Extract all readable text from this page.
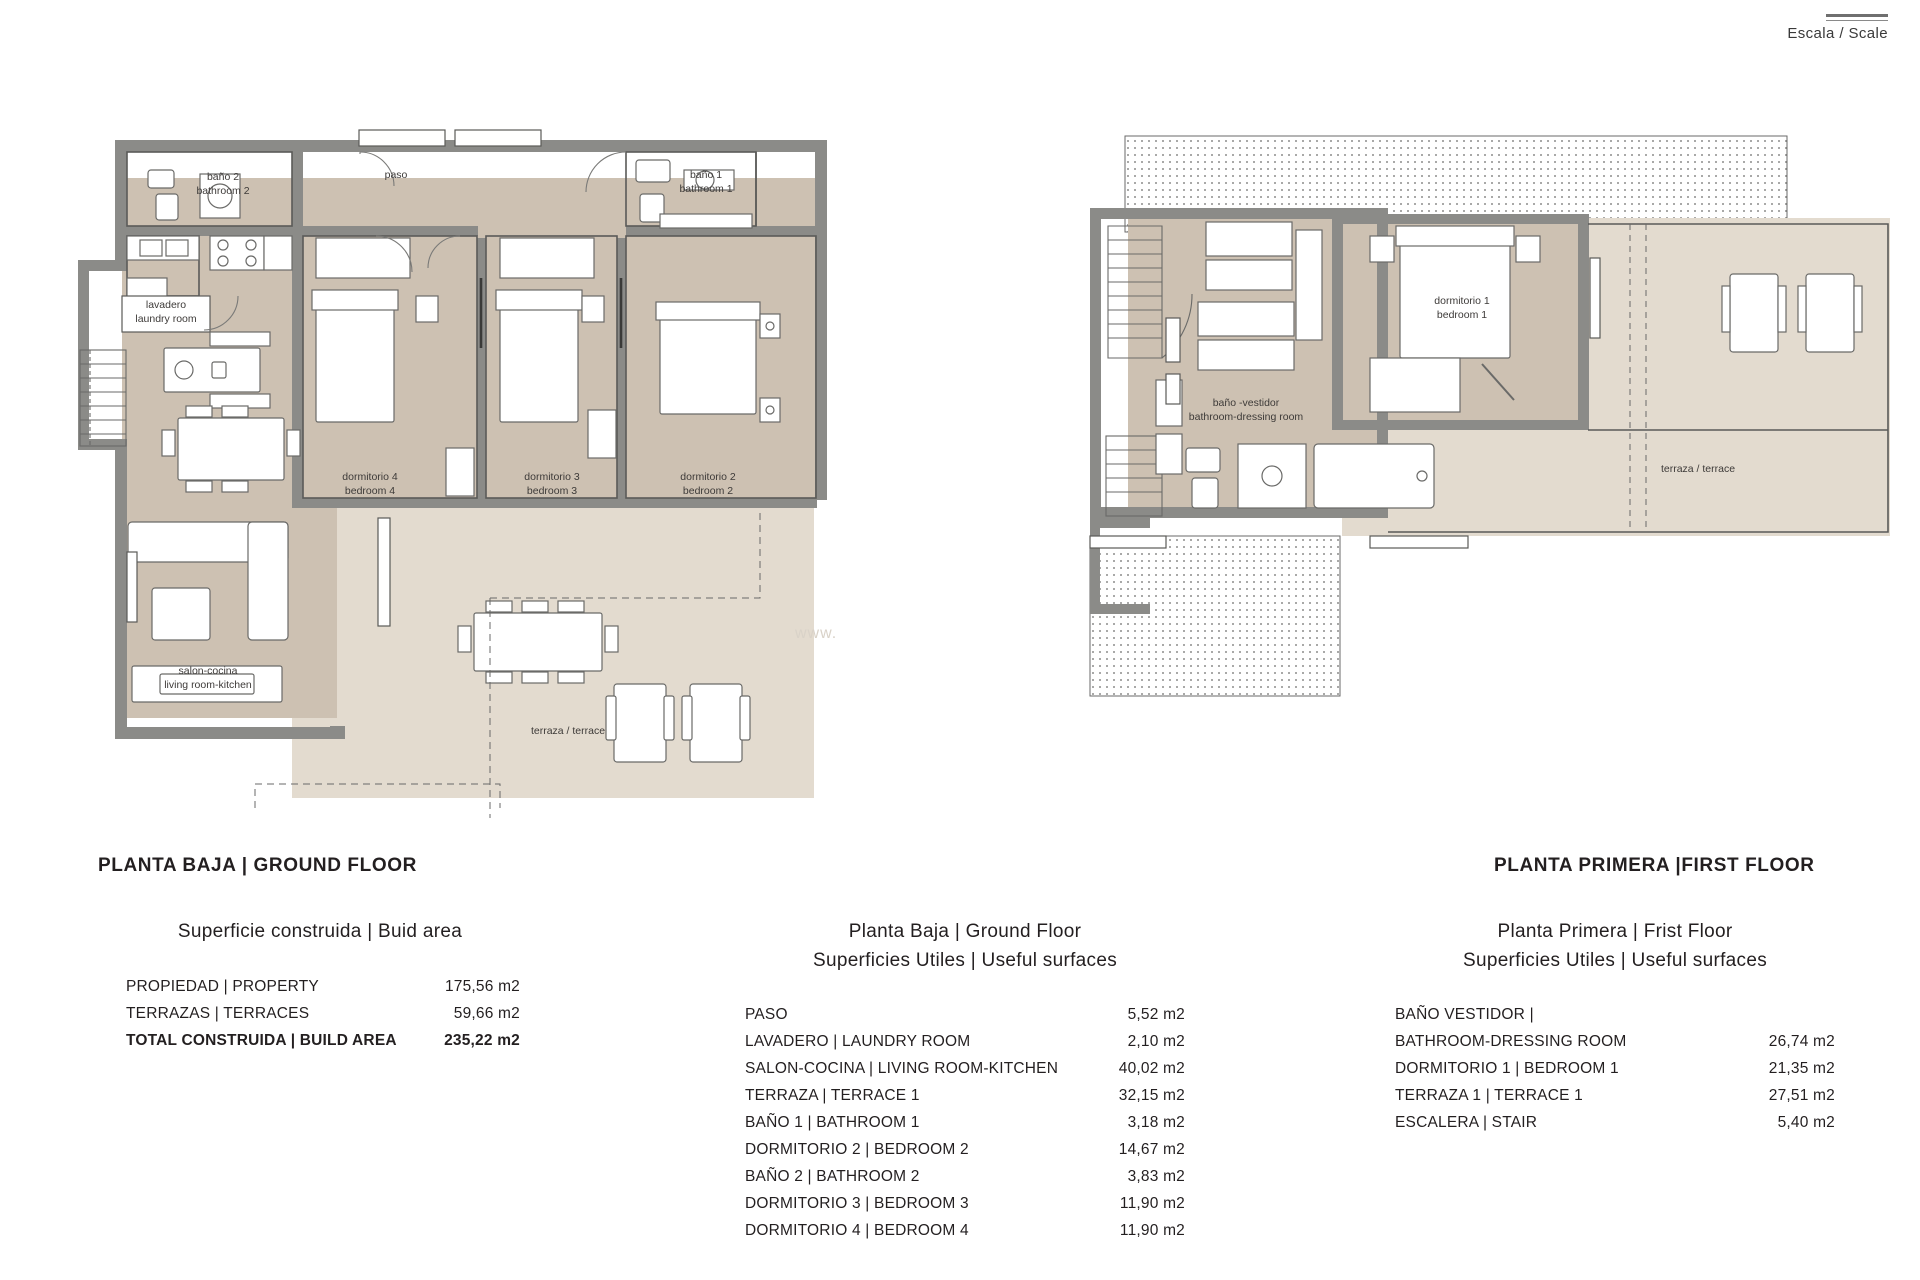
Escala / Scale
baño 2
bathroom 2
paso	baño 1
bathroom 1
lavadero
laundry room
dormitorio 4
bedroom 4
dormitorio 3
bedroom 3
dormitorio 2
bedroom 2
salon-cocina
living room-kitchen
terraza / terrace
PLANTA BAJA | GROUND FLOOR
dormitorio 1
bedroom 1
baño -vestidor
bathroom-dressing room
terraza / terrace
PLANTA PRIMERA |FIRST FLOOR
www.
Superficie construida | Buid area
PROPIEDAD | PROPERTY	175,56 m2
TERRAZAS | TERRACES	59,66 m2
TOTAL CONSTRUIDA | BUILD AREA	235,22 m2
Planta Baja | Ground Floor
Superficies Utiles | Useful surfaces
PASO	5,52 m2
LAVADERO | LAUNDRY ROOM	2,10 m2
SALON-COCINA | LIVING ROOM-KITCHEN	40,02 m2
TERRAZA | TERRACE 1	32,15 m2
BAÑO 1 | BATHROOM 1	3,18 m2
DORMITORIO 2 | BEDROOM 2	14,67 m2
BAÑO 2 | BATHROOM 2	3,83 m2
DORMITORIO 3 | BEDROOM 3	11,90 m2
DORMITORIO 4 | BEDROOM 4	11,90 m2
Planta Primera | Frist Floor
Superficies Utiles | Useful surfaces
BAÑO VESTIDOR |
BATHROOM-DRESSING ROOM	26,74 m2
DORMITORIO 1 | BEDROOM 1	21,35 m2
TERRAZA 1 | TERRACE 1	27,51 m2
ESCALERA | STAIR	5,40 m2
